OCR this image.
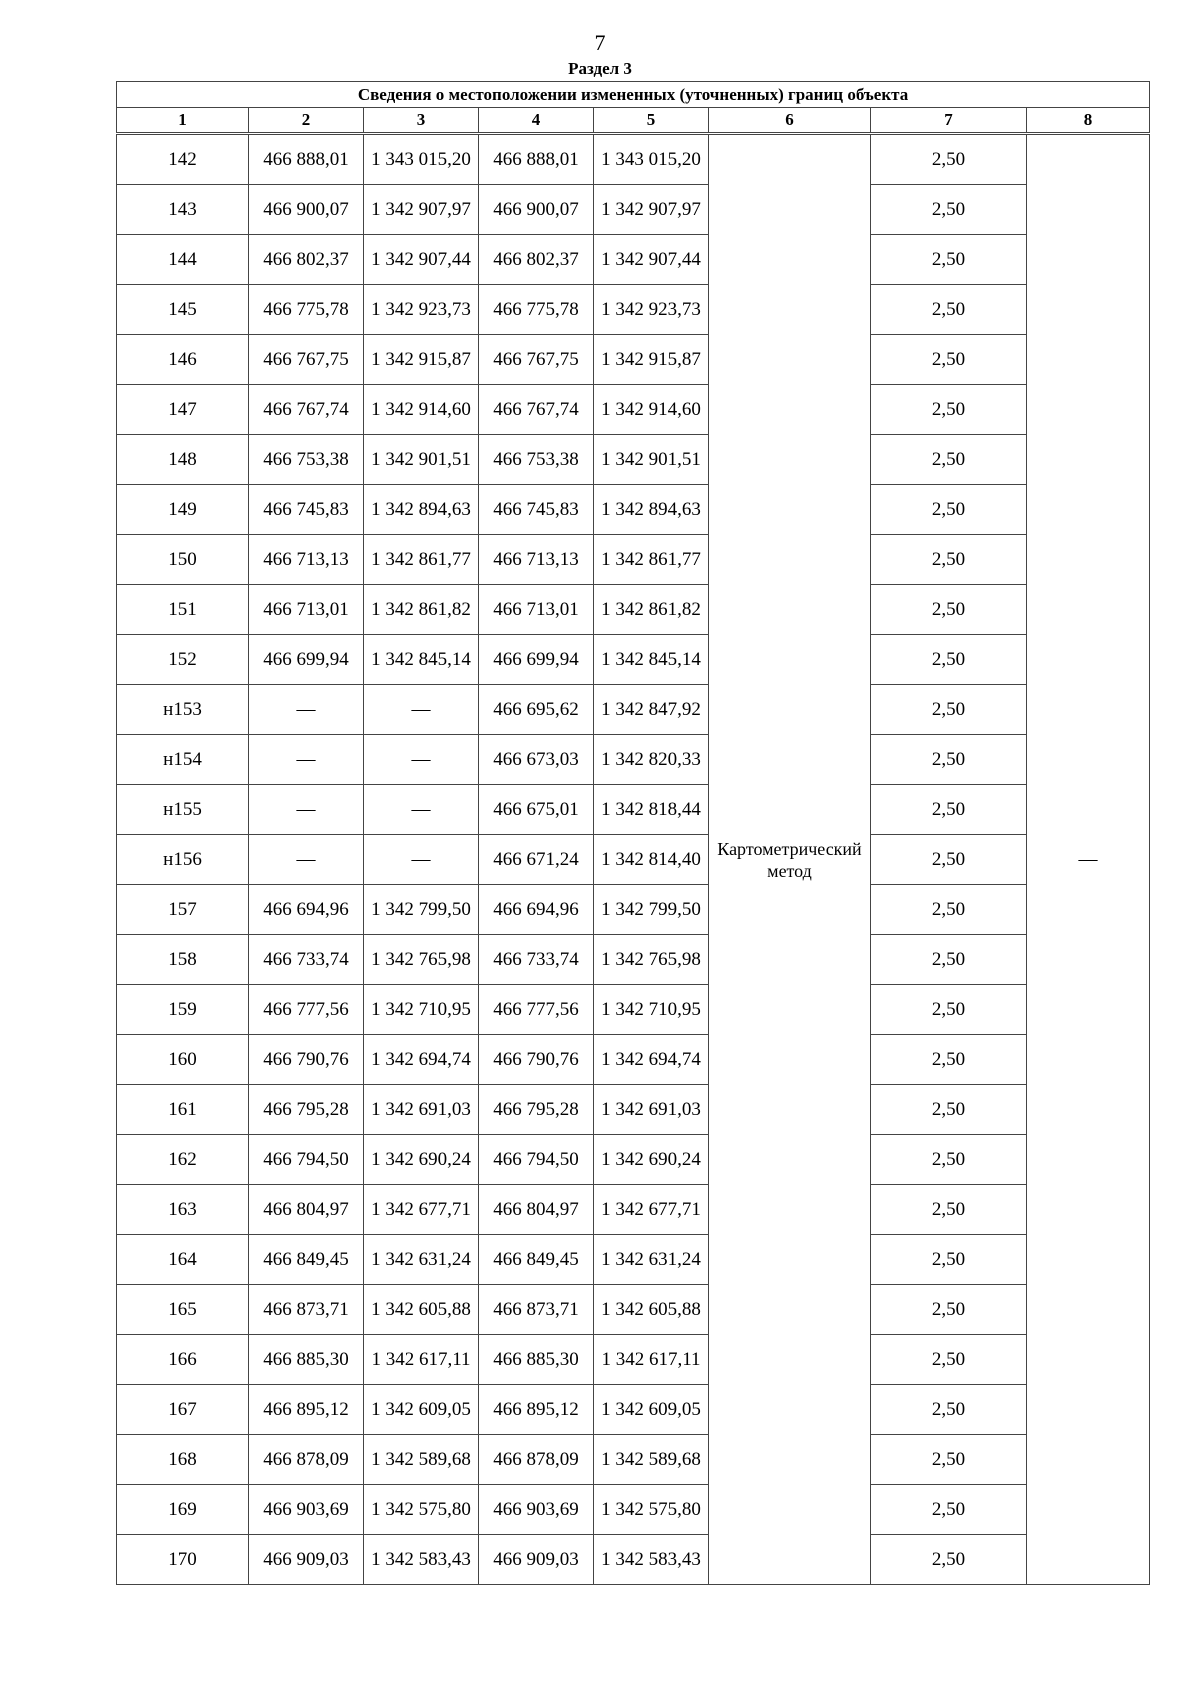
7
Раздел 3
Сведения о местоположении измененных (уточненных) границ объекта							
1	2	3	4	5	6	7	8
142	466 888,01	1 343 015,20	466 888,01	1 343 015,20	Картометрический метод	2,50	—
143	466 900,07	1 342 907,97	466 900,07	1 342 907,97		2,50	
144	466 802,37	1 342 907,44	466 802,37	1 342 907,44		2,50	
145	466 775,78	1 342 923,73	466 775,78	1 342 923,73		2,50	
146	466 767,75	1 342 915,87	466 767,75	1 342 915,87		2,50	
147	466 767,74	1 342 914,60	466 767,74	1 342 914,60		2,50	
148	466 753,38	1 342 901,51	466 753,38	1 342 901,51		2,50	
149	466 745,83	1 342 894,63	466 745,83	1 342 894,63		2,50	
150	466 713,13	1 342 861,77	466 713,13	1 342 861,77		2,50	
151	466 713,01	1 342 861,82	466 713,01	1 342 861,82		2,50	
152	466 699,94	1 342 845,14	466 699,94	1 342 845,14		2,50	
н153	—	—	466 695,62	1 342 847,92		2,50	
н154	—	—	466 673,03	1 342 820,33		2,50	
н155	—	—	466 675,01	1 342 818,44		2,50	
н156	—	—	466 671,24	1 342 814,40		2,50	
157	466 694,96	1 342 799,50	466 694,96	1 342 799,50		2,50	
158	466 733,74	1 342 765,98	466 733,74	1 342 765,98		2,50	
159	466 777,56	1 342 710,95	466 777,56	1 342 710,95		2,50	
160	466 790,76	1 342 694,74	466 790,76	1 342 694,74		2,50	
161	466 795,28	1 342 691,03	466 795,28	1 342 691,03		2,50	
162	466 794,50	1 342 690,24	466 794,50	1 342 690,24		2,50	
163	466 804,97	1 342 677,71	466 804,97	1 342 677,71		2,50	
164	466 849,45	1 342 631,24	466 849,45	1 342 631,24		2,50	
165	466 873,71	1 342 605,88	466 873,71	1 342 605,88		2,50	
166	466 885,30	1 342 617,11	466 885,30	1 342 617,11		2,50	
167	466 895,12	1 342 609,05	466 895,12	1 342 609,05		2,50	
168	466 878,09	1 342 589,68	466 878,09	1 342 589,68		2,50	
169	466 903,69	1 342 575,80	466 903,69	1 342 575,80		2,50	
170	466 909,03	1 342 583,43	466 909,03	1 342 583,43		2,50	
